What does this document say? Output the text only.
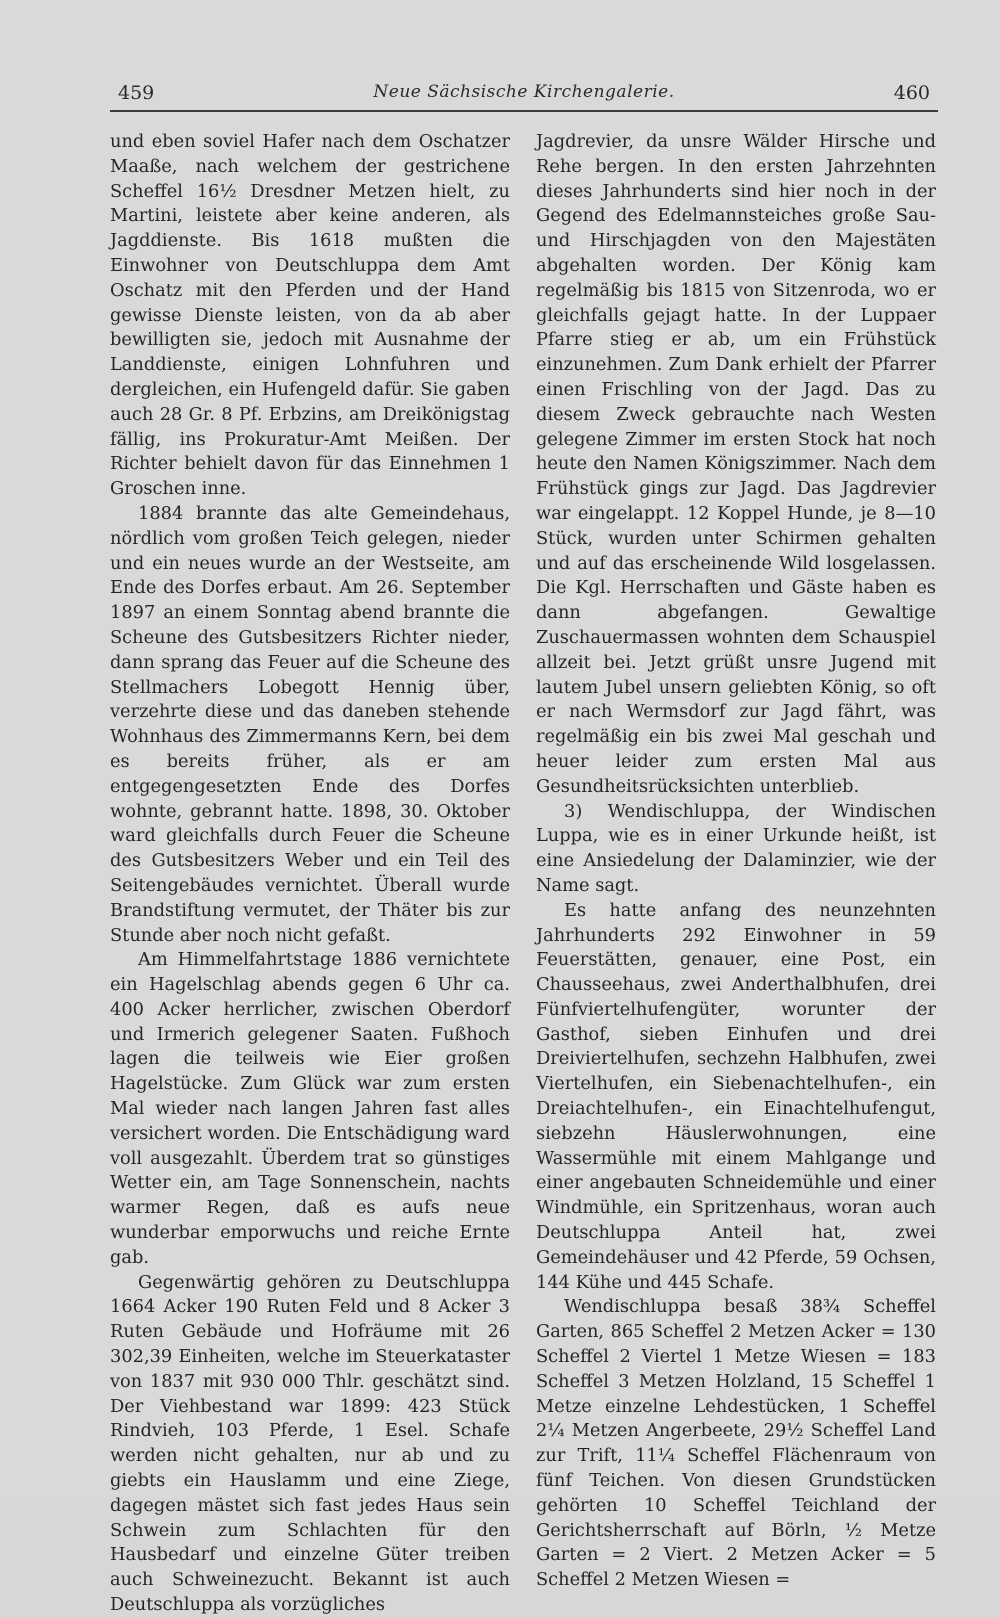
459	Neue Sächsische Kirchengalerie.	460

und eben soviel Hafer nach dem Oschatzer Maaße, nach welchem der gestrichene Scheffel 16½ Dresdner Metzen hielt, zu Martini, leistete aber keine anderen, als Jagddienste. Bis 1618 mußten die Einwohner von Deutschluppa dem Amt Oschatz mit den Pferden und der Hand gewisse Dienste leisten, von da ab aber bewilligten sie, jedoch mit Ausnahme der Landdienste, einigen Lohnfuhren und dergleichen, ein Hufengeld dafür. Sie gaben auch 28 Gr. 8 Pf. Erbzins, am Dreikönigstag fällig, ins Prokuratur-Amt Meißen. Der Richter behielt davon für das Einnehmen 1 Groschen inne.

1884 brannte das alte Gemeindehaus, nördlich vom großen Teich gelegen, nieder und ein neues wurde an der Westseite, am Ende des Dorfes erbaut. Am 26. September 1897 an einem Sonntag abend brannte die Scheune des Gutsbesitzers Richter nieder, dann sprang das Feuer auf die Scheune des Stellmachers Lobegott Hennig über, verzehrte diese und das daneben stehende Wohnhaus des Zimmermanns Kern, bei dem es bereits früher, als er am entgegengesetzten Ende des Dorfes wohnte, gebrannt hatte. 1898, 30. Oktober ward gleichfalls durch Feuer die Scheune des Gutsbesitzers Weber und ein Teil des Seitengebäudes vernichtet. Überall wurde Brandstiftung vermutet, der Thäter bis zur Stunde aber noch nicht gefaßt.

Am Himmelfahrtstage 1886 vernichtete ein Hagelschlag abends gegen 6 Uhr ca. 400 Acker herrlicher, zwischen Oberdorf und Irmerich gelegener Saaten. Fußhoch lagen die teilweis wie Eier großen Hagelstücke. Zum Glück war zum ersten Mal wieder nach langen Jahren fast alles versichert worden. Die Entschädigung ward voll ausgezahlt. Überdem trat so günstiges Wetter ein, am Tage Sonnenschein, nachts warmer Regen, daß es aufs neue wunderbar emporwuchs und reiche Ernte gab.

Gegenwärtig gehören zu Deutschluppa 1664 Acker 190 Ruten Feld und 8 Acker 3 Ruten Gebäude und Hofräume mit 26 302,39 Einheiten, welche im Steuerkataster von 1837 mit 930 000 Thlr. geschätzt sind. Der Viehbestand war 1899: 423 Stück Rindvieh, 103 Pferde, 1 Esel. Schafe werden nicht gehalten, nur ab und zu giebts ein Hauslamm und eine Ziege, dagegen mästet sich fast jedes Haus sein Schwein zum Schlachten für den Hausbedarf und einzelne Güter treiben auch Schweinezucht. Bekannt ist auch Deutschluppa als vorzügliches

Jagdrevier, da unsre Wälder Hirsche und Rehe bergen. In den ersten Jahrzehnten dieses Jahrhunderts sind hier noch in der Gegend des Edelmannsteiches große Sau- und Hirschjagden von den Majestäten abgehalten worden. Der König kam regelmäßig bis 1815 von Sitzenroda, wo er gleichfalls gejagt hatte. In der Luppaer Pfarre stieg er ab, um ein Frühstück einzunehmen. Zum Dank erhielt der Pfarrer einen Frischling von der Jagd. Das zu diesem Zweck gebrauchte nach Westen gelegene Zimmer im ersten Stock hat noch heute den Namen Königszimmer. Nach dem Frühstück gings zur Jagd. Das Jagdrevier war eingelappt. 12 Koppel Hunde, je 8—10 Stück, wurden unter Schirmen gehalten und auf das erscheinende Wild losgelassen. Die Kgl. Herrschaften und Gäste haben es dann abgefangen. Gewaltige Zuschauermassen wohnten dem Schauspiel allzeit bei. Jetzt grüßt unsre Jugend mit lautem Jubel unsern geliebten König, so oft er nach Wermsdorf zur Jagd fährt, was regelmäßig ein bis zwei Mal geschah und heuer leider zum ersten Mal aus Gesundheitsrücksichten unterblieb.

3) Wendischluppa, der Windischen Luppa, wie es in einer Urkunde heißt, ist eine Ansiedelung der Dalaminzier, wie der Name sagt.

Es hatte anfang des neunzehnten Jahrhunderts 292 Einwohner in 59 Feuerstätten, genauer, eine Post, ein Chausseehaus, zwei Anderthalbhufen, drei Fünfviertelhufengüter, worunter der Gasthof, sieben Einhufen und drei Dreiviertelhufen, sechzehn Halbhufen, zwei Viertelhufen, ein Siebenachtelhufen-, ein Dreiachtelhufen-, ein Einachtelhufengut, siebzehn Häuslerwohnungen, eine Wassermühle mit einem Mahlgange und einer angebauten Schneidemühle und einer Windmühle, ein Spritzenhaus, woran auch Deutschluppa Anteil hat, zwei Gemeindehäuser und 42 Pferde, 59 Ochsen, 144 Kühe und 445 Schafe.

Wendischluppa besaß 38¾ Scheffel Garten, 865 Scheffel 2 Metzen Acker = 130 Scheffel 2 Viertel 1 Metze Wiesen = 183 Scheffel 3 Metzen Holzland, 15 Scheffel 1 Metze einzelne Lehdestücken, 1 Scheffel 2¼ Metzen Angerbeete, 29½ Scheffel Land zur Trift, 11¼ Scheffel Flächenraum von fünf Teichen. Von diesen Grundstücken gehörten 10 Scheffel Teichland der Gerichtsherrschaft auf Börln, ½ Metze Garten = 2 Viert. 2 Metzen Acker = 5 Scheffel 2 Metzen Wiesen =
